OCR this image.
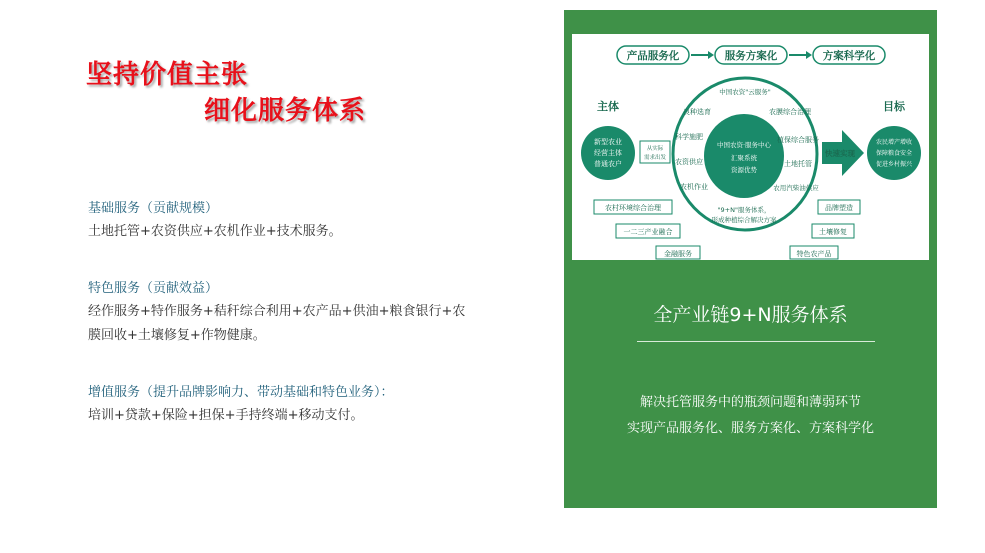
坚持价值主张
细化服务体系
基础服务（贡献规模）
土地托管+农资供应+农机作业+技术服务。
特色服务（贡献效益）
经作服务+特作服务+秸秆综合利用+农产品+供油+粮食银行+农膜回收+土壤修复+作物健康。
增值服务（提升品牌影响力、带动基础和特色业务）：
培训+贷款+保险+担保+手持终端+移动支付。
产品服务化	服务方案化	方案科学化
主体	目标
新型农业
经营主体
普通农户
从实际
需求出发
农民增产增收
保障粮食安全
促进乡村振兴
快速实现
中国农资"云服务"
中国农资·服务中心
汇聚系统
资源优势
良种选育
科学施肥
农资供应
农机作业
农膜综合治理
植保综合服务
土地托管
农用汽柴油供应
"9+N"服务体系，
形成种植综合解决方案
农村环境综合治理
一二三产业融合
金融服务
品牌塑造
土壤修复
特色农产品
全产业链9+N服务体系
解决托管服务中的瓶颈问题和薄弱环节
实现产品服务化、服务方案化、方案科学化
